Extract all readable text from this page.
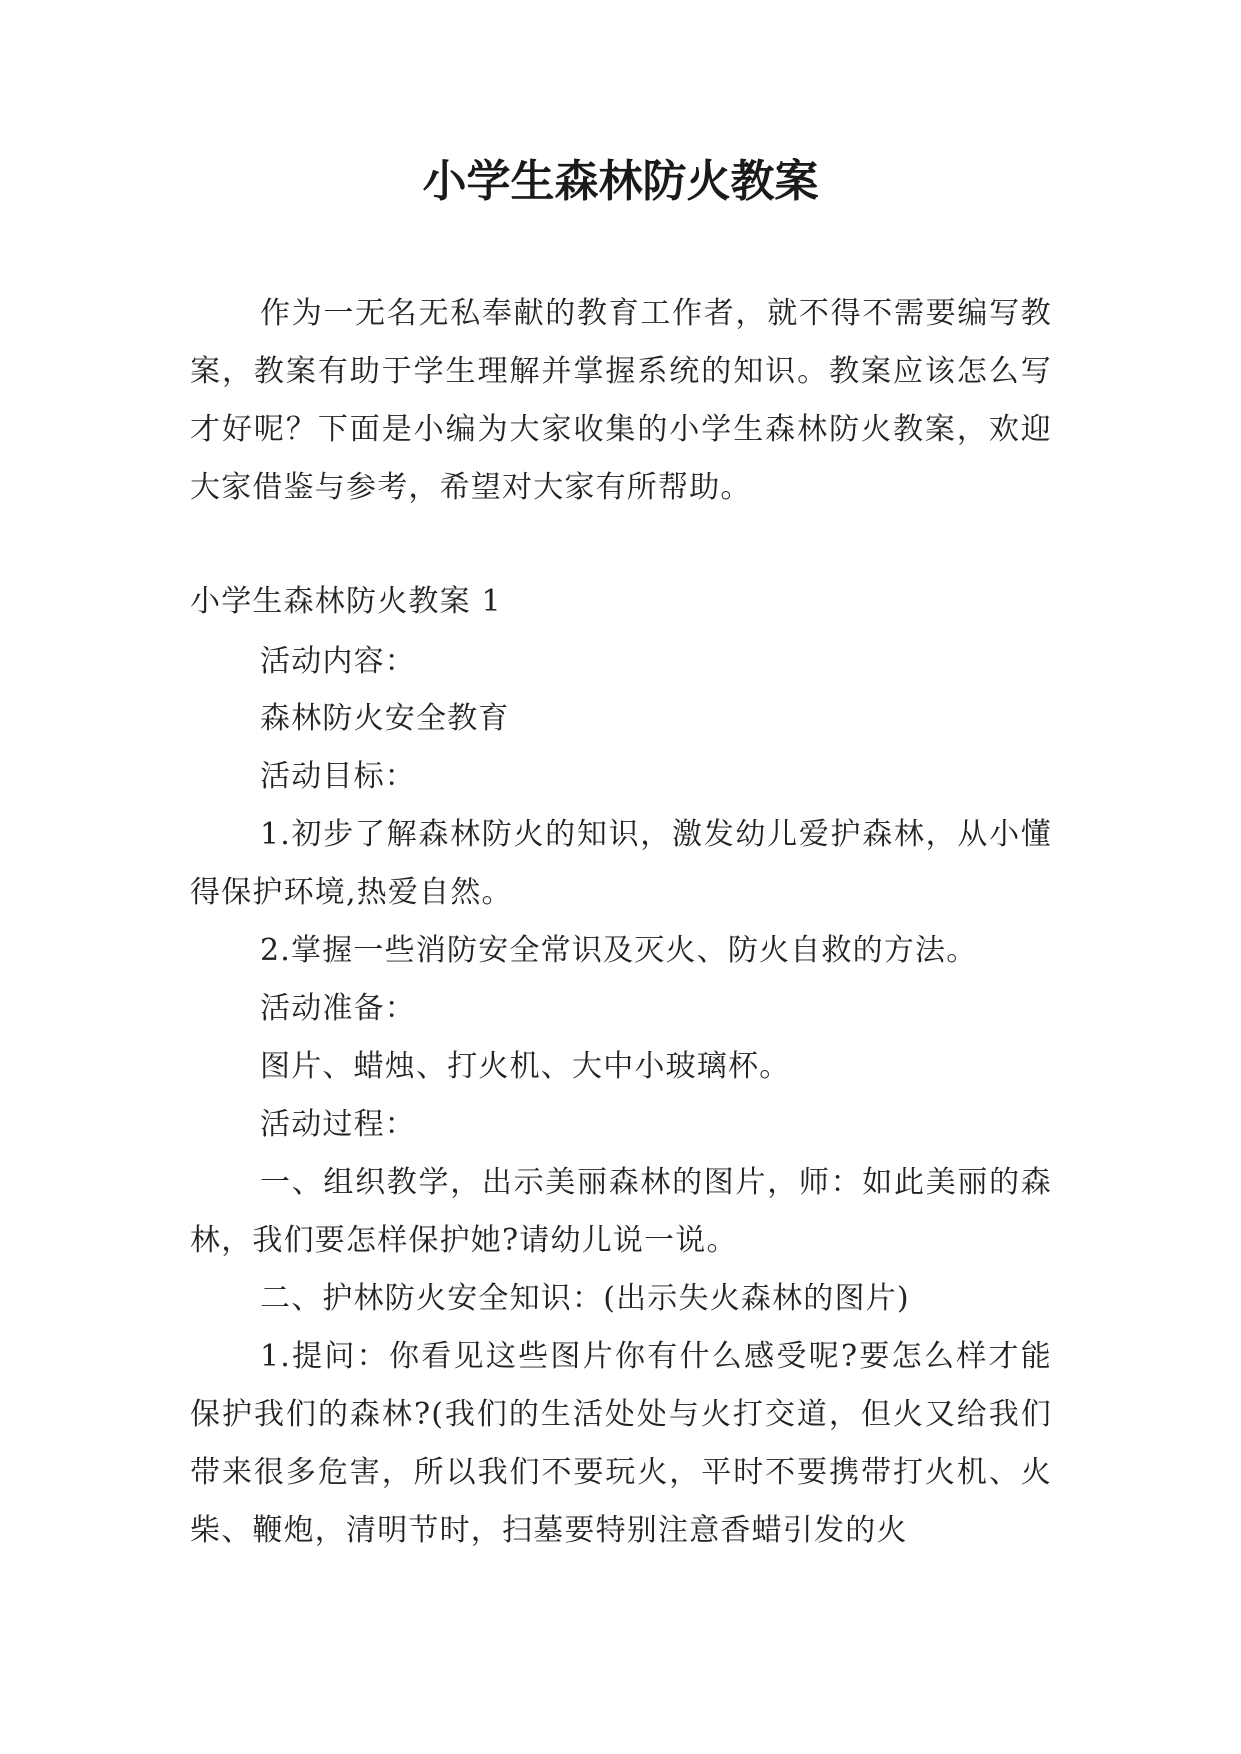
小学生森林防火教案

作为一无名无私奉献的教育工作者，就不得不需要编写教案，教案有助于学生理解并掌握系统的知识。教案应该怎么写才好呢？下面是小编为大家收集的小学生森林防火教案，欢迎大家借鉴与参考，希望对大家有所帮助。

小学生森林防火教案 1

活动内容：

森林防火安全教育

活动目标：

1.初步了解森林防火的知识，激发幼儿爱护森林，从小懂得保护环境,热爱自然。

2.掌握一些消防安全常识及灭火、防火自救的方法。

活动准备：

图片、蜡烛、打火机、大中小玻璃杯。

活动过程：

一、组织教学，出示美丽森林的图片，师：如此美丽的森林，我们要怎样保护她?请幼儿说一说。

二、护林防火安全知识：(出示失火森林的图片)

1.提问：你看见这些图片你有什么感受呢?要怎么样才能保护我们的森林?(我们的生活处处与火打交道，但火又给我们带来很多危害，所以我们不要玩火，平时不要携带打火机、火柴、鞭炮，清明节时，扫墓要特别注意香蜡引发的火
